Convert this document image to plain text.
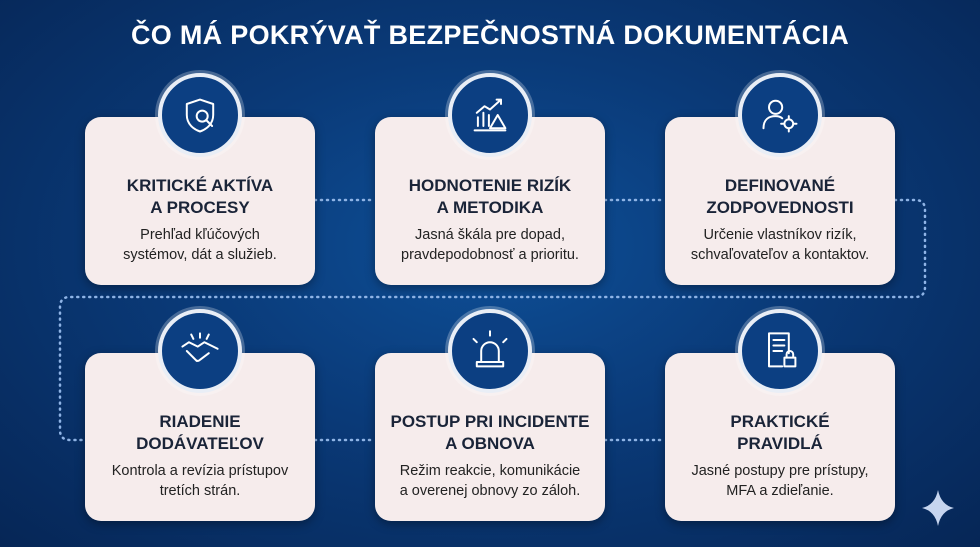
ČO MÁ POKRÝVAŤ BEZPEČNOSTNÁ DOKUMENTÁCIA
KRITICKÉ AKTÍVA
A PROCESY

Prehľad kľúčových
systémov, dát a služieb.

HODNOTENIE RIZÍK
A METODIKA

Jasná škála pre dopad,
pravdepodobnosť a prioritu.

DEFINOVANÉ
ZODPOVEDNOSTI

Určenie vlastníkov rizík,
schvaľovateľov a kontaktov.

RIADENIE
DODÁVATEĽOV

Kontrola a revízia prístupov
tretích strán.

POSTUP PRI INCIDENTE
A OBNOVA

Režim reakcie, komunikácie
a overenej obnovy zo záloh.

PRAKTICKÉ
PRAVIDLÁ

Jasné postupy pre prístupy,
MFA a zdieľanie.
